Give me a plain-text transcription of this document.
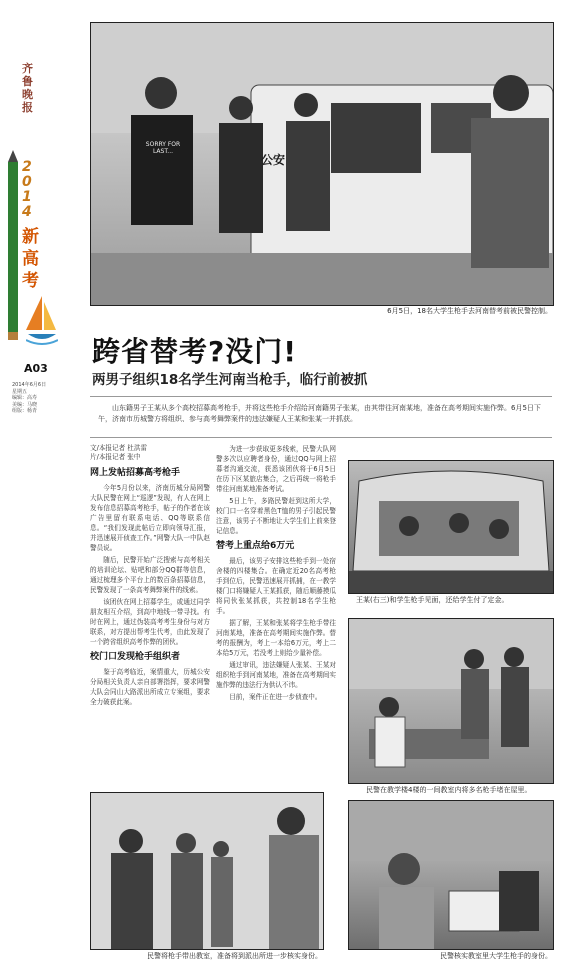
齐鲁晚报
2014
新高考
A03
2014年6月6日
星期五
编辑：高寿
美编：马晓
组版：杨青
公安
SORRY FOR LAST...
6月5日，18名大学生枪手去河南替考前被民警控制。
跨省替考?没门!
两男子组织18名学生河南当枪手，临行前被抓
山东籍男子王某从多个高校招募高考枪手，并将这些枪手介绍给河南籍男子张某，由其带往河南某地，准备在高考期间实施作弊。6月5日下午，济南市历城警方将组织、参与高考舞弊案件的违法嫌疑人王某和张某一并抓获。
文/本报记者 杜洪雷
片/本报记者 张中
网上发帖招募高考枪手

今年5月份以来，济南历城分局网警大队民警在网上“巡逻”发现，有人在网上发布信息招募高考枪手，帖子的作者在该广告里留有联系电话、QQ等联系信息。“我们发现此帖后立即向领导汇报，并迅速展开侦查工作。”网警大队一中队赵警员说。

随后，民警开始广泛搜索与高考相关的培训论坛、贴吧和部分QQ群等信息，通过梳理多个平台上的数百条招募信息，民警发现了一条高考舞弊案件的线索。

该团伙在网上招募学生，或通过同学朋友相互介绍，到高中地线一带寻找。有时在网上，通过伪装高考考生身份与对方联系，对方提出帮考生代考，由此发现了一个跨省组织高考作弊的团伙。

校门口发现枪手组织者

鉴于高考临近，案情重大，历城公安分局相关负责人亲自部署指挥，要求网警大队会同山大路派出所成立专案组，要求全力破获此案。

为进一步获取更多线索，民警大队网警多次以应聘者身份，通过QQ与网上招募者沟通交流，获悉该团伙将于6月5日在历下区某旅店集合，之后再统一将枪手带往河南某地准备考试。

5日上午，多路民警赶到这所大学，校门口一名穿着黑色T恤的男子引起民警注意，该男子不断地让大学生们上前来登记信息。

替考上重点给6万元

最后，该男子安排这些枪手到一处宿舍楼的四楼集合。在确定近20名高考枪手到位后，民警迅速展开抓捕，在一教学楼门口将嫌疑人王某抓获，随后顺藤摸瓜将同伙张某抓获，共控制18名学生枪手。

据了解，王某和张某将学生枪手带往河南某地，准备在高考期间实施作弊。替考的报酬为，考上一本给6万元，考上二本给5万元，若没考上则给少量补偿。

通过审讯，违法嫌疑人张某、王某对组织枪手到河南某地，准备在高考期间实施作弊的违法行为供认不讳。

目前，案件正在进一步侦查中。

王某(右三)和学生枪手见面，还给学生付了定金。
民警在教学楼4楼的一间教室内将多名枪手堵在屋里。
民警将枪手带出教室，准备将到派出所进一步核实身份。	民警核实教室里大学生枪手的身份。
